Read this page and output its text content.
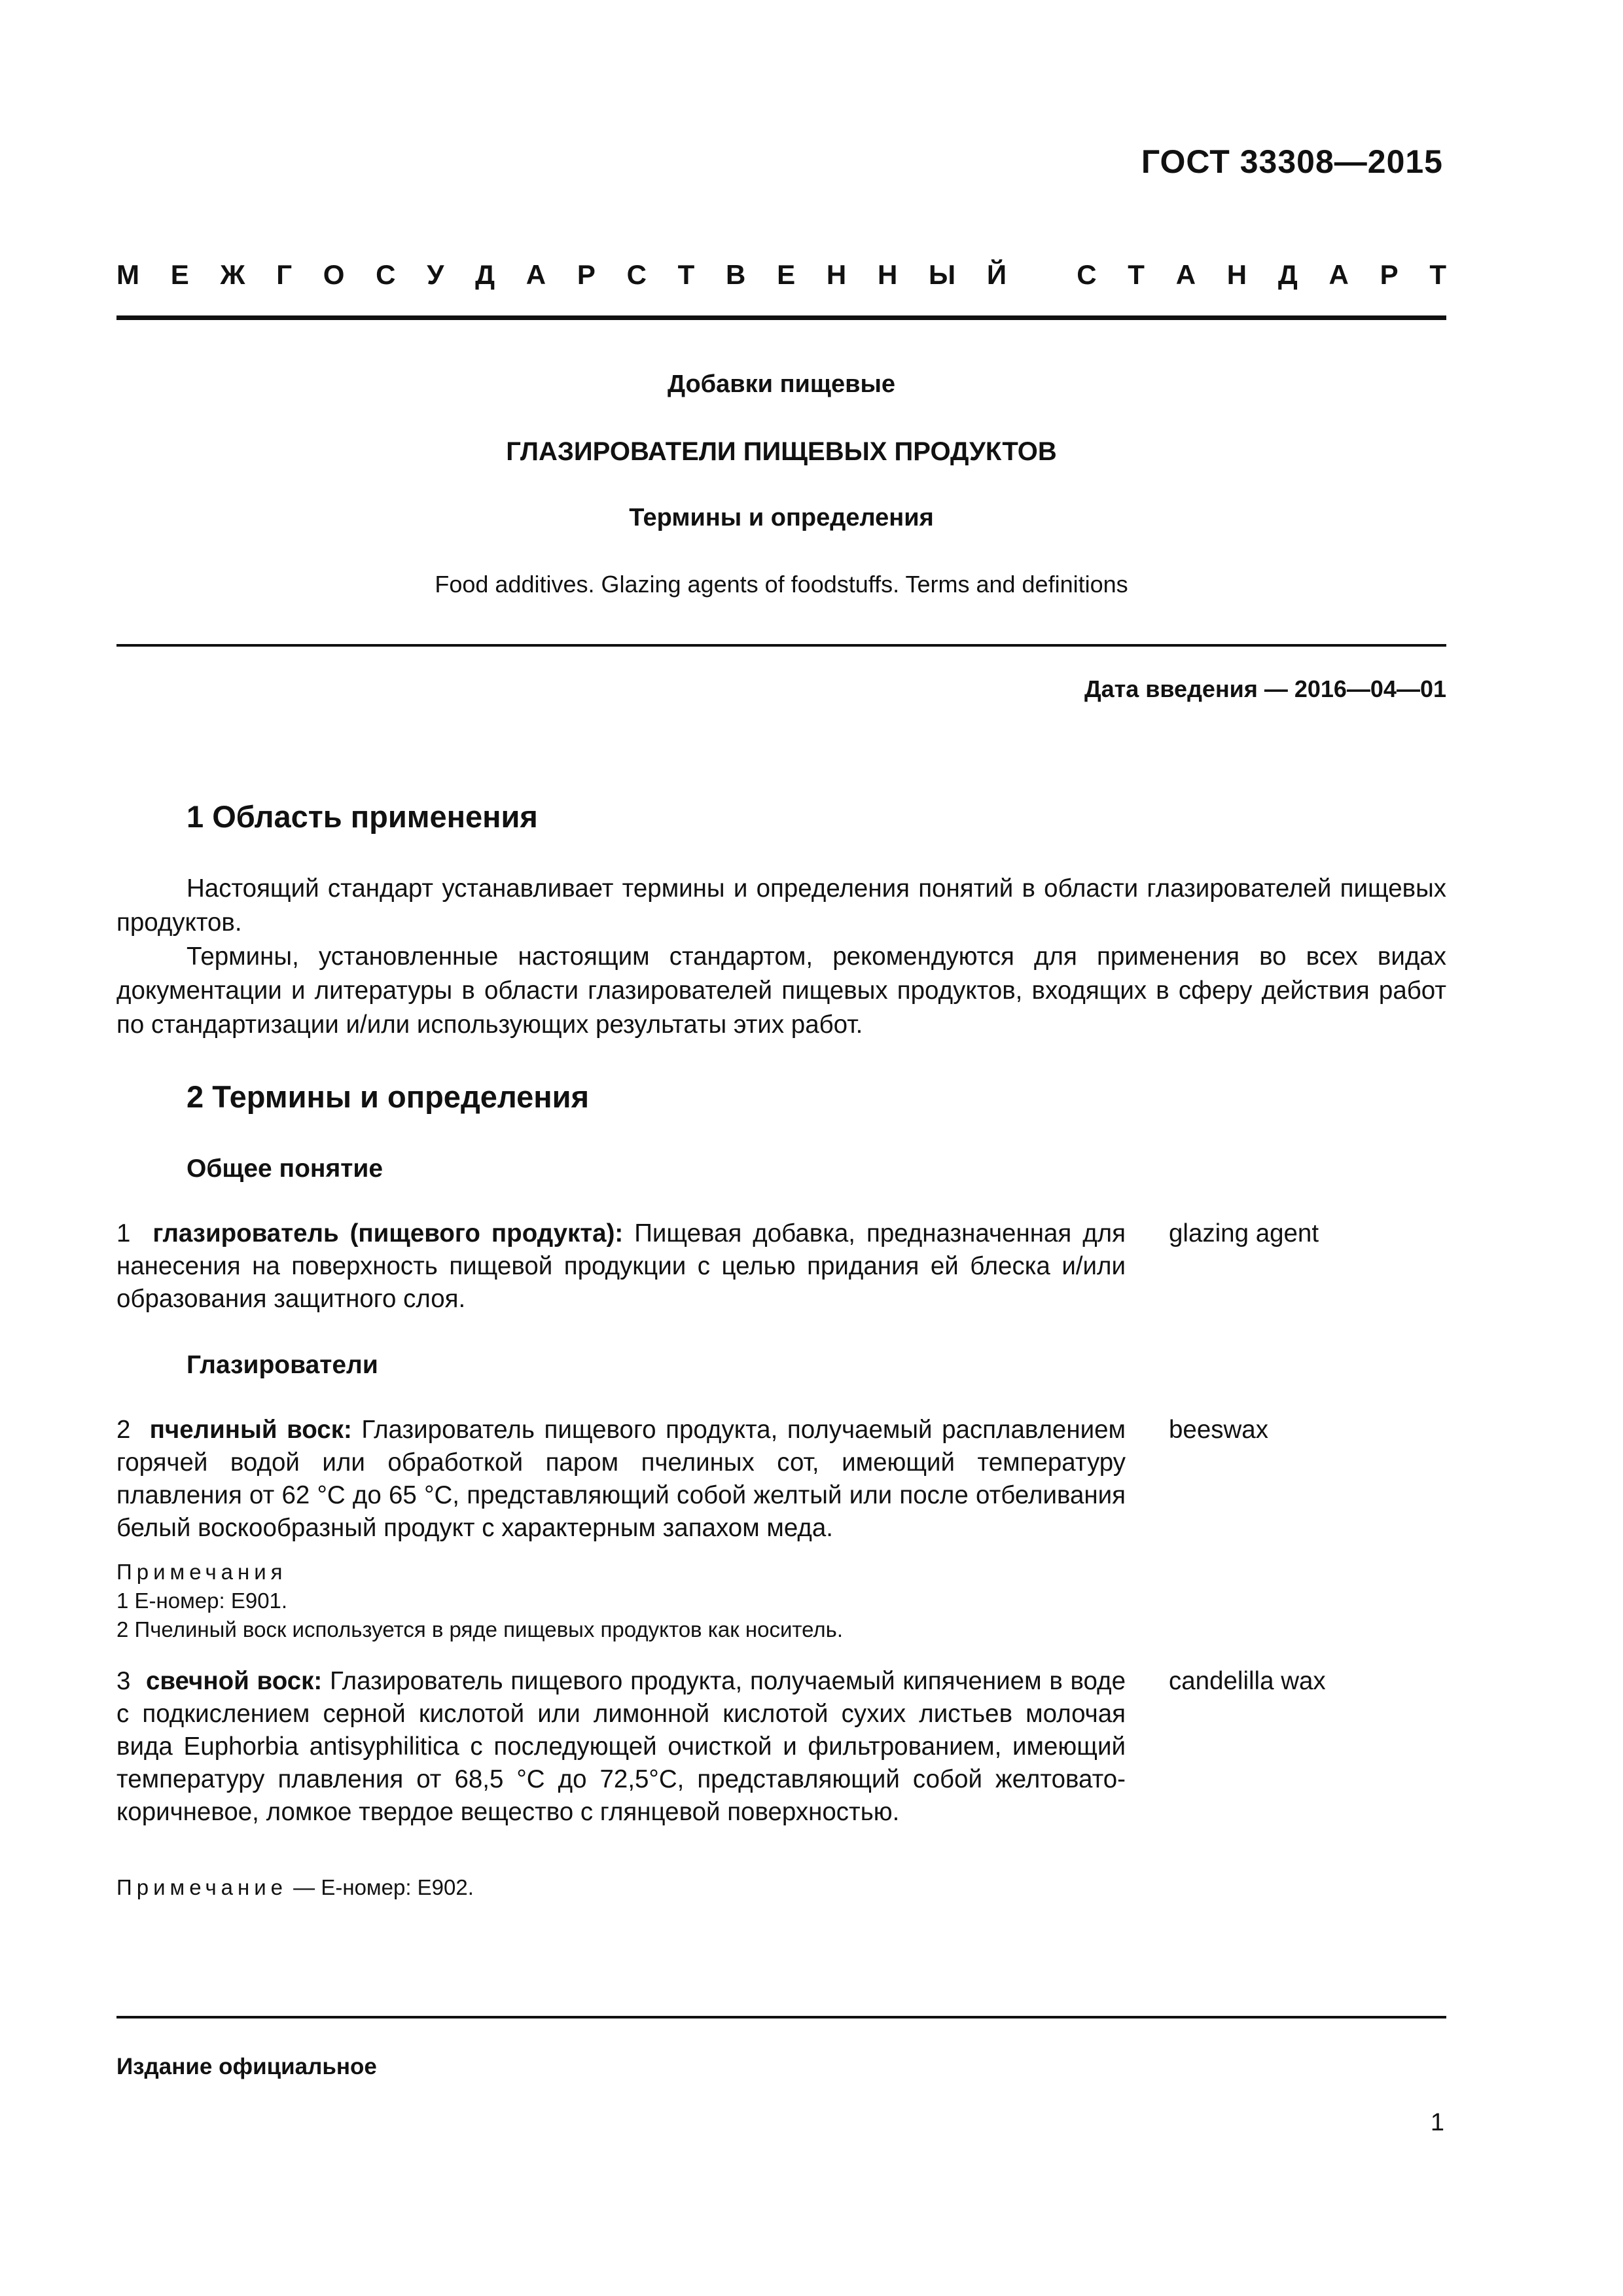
ГОСТ 33308—2015
М Е Ж Г О С У Д А Р С Т В Е Н Н Ы Й
	С Т А Н Д А Р Т
Добавки пищевые
ГЛАЗИРОВАТЕЛИ ПИЩЕВЫХ ПРОДУКТОВ
Термины и определения
Food additives. Glazing agents of foodstuffs. Terms and definitions
Дата введения — 2016—04—01
1 Область применения
Настоящий стандарт устанавливает термины и определения понятий в области глазирователей пищевых продуктов.
Термины, установленные настоящим стандартом, рекомендуются для применения во всех видах документации и литературы в области глазирователей пищевых продуктов, входящих в сферу действия работ по стандартизации и/или использующих результаты этих работ.
2 Термины и определения
Общее понятие
1 глазирователь (пищевого продукта): Пищевая добавка, предназначенная для нанесения на поверхность пищевой продукции с целью придания ей блеска и/или образования защитного слоя.
glazing agent
Глазирователи
2 пчелиный воск: Глазирователь пищевого продукта, получаемый расплавлением горячей водой или обработкой паром пчелиных сот, имеющий температуру плавления от 62 °С до 65 °С, представляющий собой желтый или после отбеливания белый воскообразный продукт с характерным запахом меда.
beeswax
Примечания
1 Е-номер: Е901.
2 Пчелиный воск используется в ряде пищевых продуктов как носитель.
3 свечной воск: Глазирователь пищевого продукта, получаемый кипячением в воде с подкислением серной кислотой или лимонной кислотой сухих листьев молочая вида Euphorbia antisyphilitica с последующей очисткой и фильтрованием, имеющий температуру плавления от 68,5 °С до 72,5°С, представляющий собой желтовато-коричневое, ломкое твердое вещество с глянцевой поверхностью.
candelilla wax
Примечание — Е-номер: Е902.
Издание официальное
1
